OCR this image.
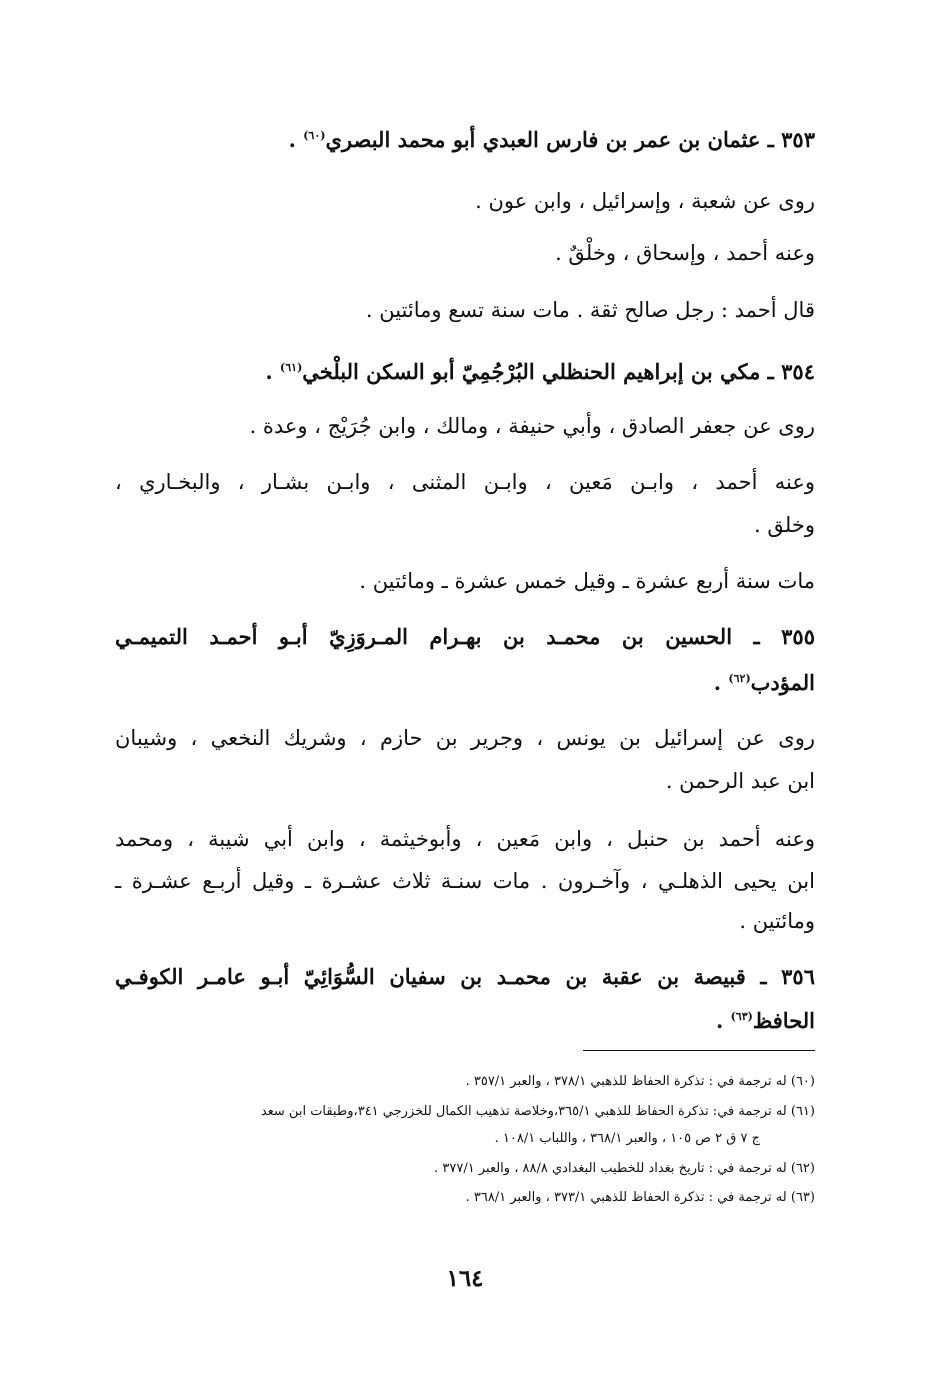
٣٥٣ ـ عثمان بن عمر بن فارس العبدي أبو محمد البصري$^{(٦٠)}$ .
روى عن شعبة ، وإسرائيل ، وابن عون .
وعنه أحمد ، وإسحاق ، وخلْقٌ .
قال أحمد : رجل صالح ثقة . مات سنة تسع ومائتين .
٣٥٤ ـ مكي بن إبراهيم الحنظلي البُرْجُمِيّ أبو السكن البلْخي$^{(٦١)}$ .
روى عن جعفر الصادق ، وأبي حنيفة ، ومالك ، وابن جُرَيْج ، وعدة .
وعنه أحمد ، وابـن مَعين ، وابـن المثنى ، وابـن بشـار ، والبخـاري ،
وخلق .
مات سنة أربع عشرة ـ وقيل خمس عشرة ـ ومائتين .
٣٥٥ ـ الحسين بن محمـد بن بهـرام المـروَزِيّ أبـو أحمـد التميمـي
المؤدب$^{(٦٢)}$ .
روى عن إسرائيل بن يونس ، وجرير بن حازم ، وشريك النخعي ، وشيبان
ابن عبد الرحمن .
وعنه أحمد بن حنبل ، وابن مَعين ، وأبوخيثمة ، وابن أبي شيبة ، ومحمد
ابن يحيى الذهلـي ، وآخـرون . مات سنـة ثلاث عشـرة ـ وقيل أربـع عشـرة ـ
ومائتين .
٣٥٦ ـ قبيصة بن عقبة بن محمـد بن سفيان السُّوَائِيّ أبـو عامـر الكوفـي
الحافظ$^{(٦٣)}$ .
(٦٠) له ترجمة في : تذكرة الحفاظ للذهبي ٣٧٨/١ ، والعبر ٣٥٧/١ .
(٦١) له ترجمة في: تذكرة الحفاظ للذهبي ٣٦٥/١،وخلاصة تذهيب الكمال للخزرجي ٣٤١،وطبقات ابن سعد
ج ٧ ق ٢ ص ١٠٥ ، والعبر ٣٦٨/١ ، واللباب ١٠٨/١ .
(٦٢) له ترجمة في : تاريخ بغداد للخطيب البغدادي ٨٨/٨ ، والعبر ٣٧٧/١ .
(٦٣) له ترجمة في : تذكرة الحفاظ للذهبي ٣٧٣/١ ، والعبر ٣٦٨/١ .
١٦٤
